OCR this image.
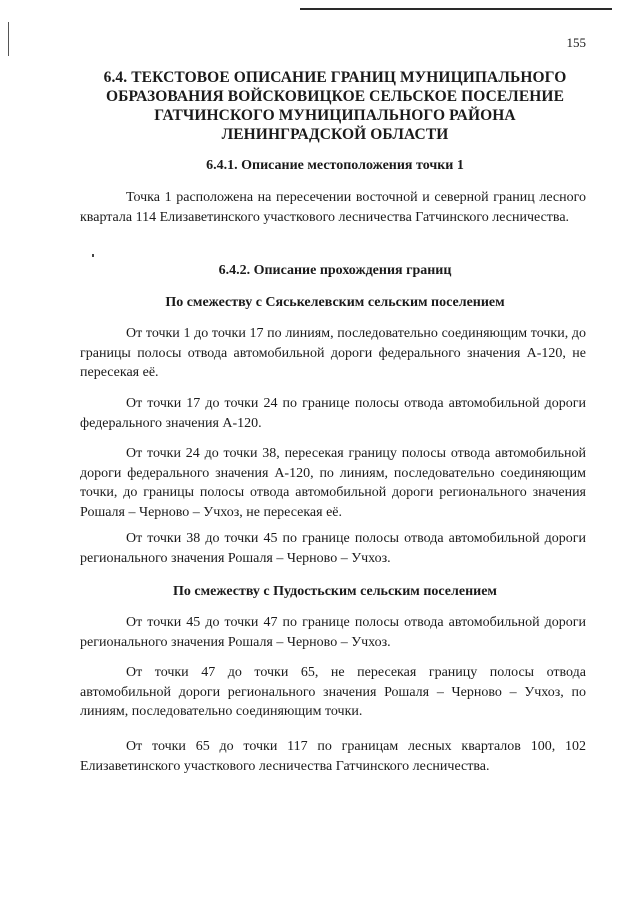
155
6.4. ТЕКСТОВОЕ ОПИСАНИЕ ГРАНИЦ МУНИЦИПАЛЬНОГО ОБРАЗОВАНИЯ ВОЙСКОВИЦКОЕ СЕЛЬСКОЕ ПОСЕЛЕНИЕ ГАТЧИНСКОГО МУНИЦИПАЛЬНОГО РАЙОНА ЛЕНИНГРАДСКОЙ ОБЛАСТИ
6.4.1. Описание местоположения точки 1
Точка 1 расположена на пересечении восточной и северной границ лесного квартала 114 Елизаветинского участкового лесничества Гатчинского лесничества.
6.4.2. Описание прохождения границ
По смежеству с Сяськелевским сельским поселением
От точки 1 до точки 17 по линиям, последовательно соединяющим точки, до границы полосы отвода автомобильной дороги федерального значения А-120, не пересекая её.
От точки 17 до точки 24 по границе полосы отвода автомобильной дороги федерального значения А-120.
От точки 24 до точки 38, пересекая границу полосы отвода автомобильной дороги федерального значения А-120, по линиям, последовательно соединяющим точки, до границы полосы отвода автомобильной дороги регионального значения Рошаля – Черново – Учхоз, не пересекая её.
От точки 38 до точки 45 по границе полосы отвода автомобильной дороги регионального значения Рошаля – Черново – Учхоз.
По смежеству с Пудостьским сельским поселением
От точки 45 до точки 47 по границе полосы отвода автомобильной дороги регионального значения Рошаля – Черново – Учхоз.
От точки 47 до точки 65, не пересекая границу полосы отвода автомобильной дороги регионального значения Рошаля – Черново – Учхоз, по линиям, последовательно соединяющим точки.
От точки 65 до точки 117 по границам лесных кварталов 100, 102 Елизаветинского участкового лесничества Гатчинского лесничества.
